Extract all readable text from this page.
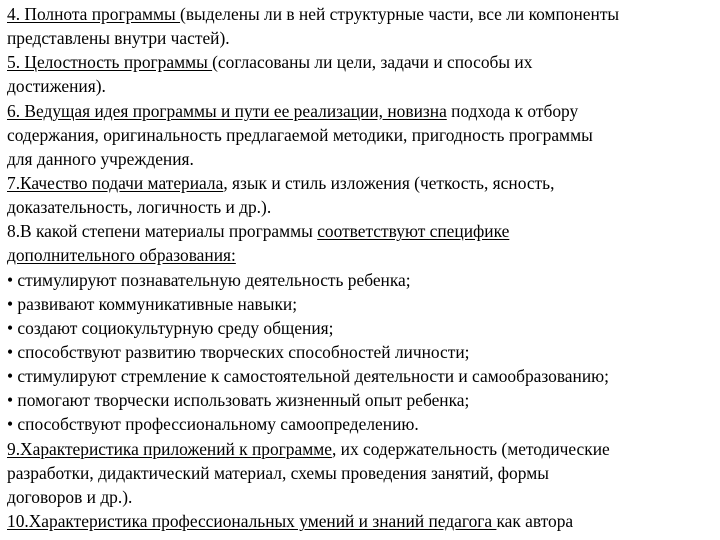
4. Полнота программы (выделены ли в ней структурные части, все ли компоненты
представлены внутри частей).
5. Целостность программы (согласованы ли цели, задачи и способы их
достижения).
6. Ведущая идея программы и пути ее реализации, новизна подхода к отбору
содержания, оригинальность предлагаемой методики, пригодность программы
для данного учреждения.
7.Качество подачи материала, язык и стиль изложения (четкость, ясность,
доказательность, логичность и др.).
8.В какой степени материалы программы соответствуют специфике
дополнительного образования:
• стимулируют познавательную деятельность ребенка;
• развивают коммуникативные навыки;
• создают социокультурную среду общения;
• способствуют развитию творческих способностей личности;
• стимулируют стремление к самостоятельной деятельности и самообразованию;
• помогают творчески использовать жизненный опыт ребенка;
• способствуют профессиональному самоопределению.
9.Характеристика приложений к программе, их содержательность (методические
разработки, дидактический материал, схемы проведения занятий, формы
договоров и др.).
10.Характеристика профессиональных умений и знаний педагога как автора
